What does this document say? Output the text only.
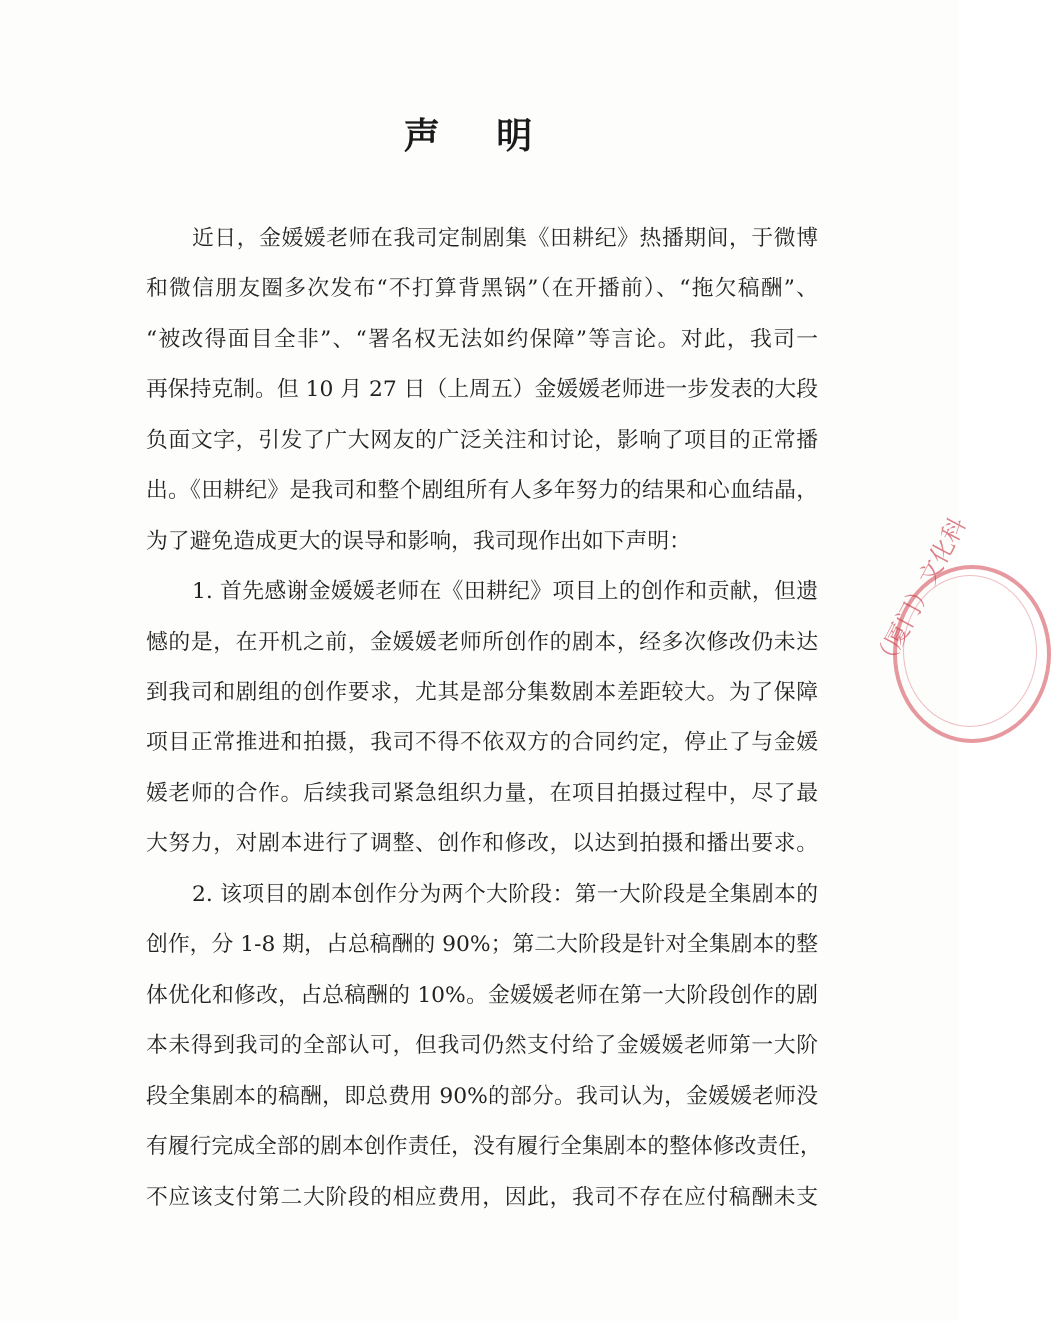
声 明
近日，金媛媛老师在我司定制剧集《田耕纪》热播期间，于微博
和微信朋友圈多次发布“不打算背黑锅”（在开播前）、“拖欠稿酬”、
“被改得面目全非”、“署名权无法如约保障”等言论。对此，我司一
再保持克制。但 10 月 27 日（上周五）金媛媛老师进一步发表的大段
负面文字，引发了广大网友的广泛关注和讨论，影响了项目的正常播
出。《田耕纪》是我司和整个剧组所有人多年努力的结果和心血结晶，
为了避免造成更大的误导和影响，我司现作出如下声明：
1. 首先感谢金媛媛老师在《田耕纪》项目上的创作和贡献，但遗
憾的是，在开机之前，金媛媛老师所创作的剧本，经多次修改仍未达
到我司和剧组的创作要求，尤其是部分集数剧本差距较大。为了保障
项目正常推进和拍摄，我司不得不依双方的合同约定，停止了与金媛
媛老师的合作。后续我司紧急组织力量，在项目拍摄过程中，尽了最
大努力，对剧本进行了调整、创作和修改，以达到拍摄和播出要求。
2. 该项目的剧本创作分为两个大阶段：第一大阶段是全集剧本的
创作，分 1-8 期，占总稿酬的 90%；第二大阶段是针对全集剧本的整
体优化和修改，占总稿酬的 10%。金媛媛老师在第一大阶段创作的剧
本未得到我司的全部认可，但我司仍然支付给了金媛媛老师第一大阶
段全集剧本的稿酬，即总费用 90%的部分。我司认为，金媛媛老师没
有履行完成全部的剧本创作责任，没有履行全集剧本的整体修改责任，
不应该支付第二大阶段的相应费用，因此，我司不存在应付稿酬未支
（厦门）文化科
